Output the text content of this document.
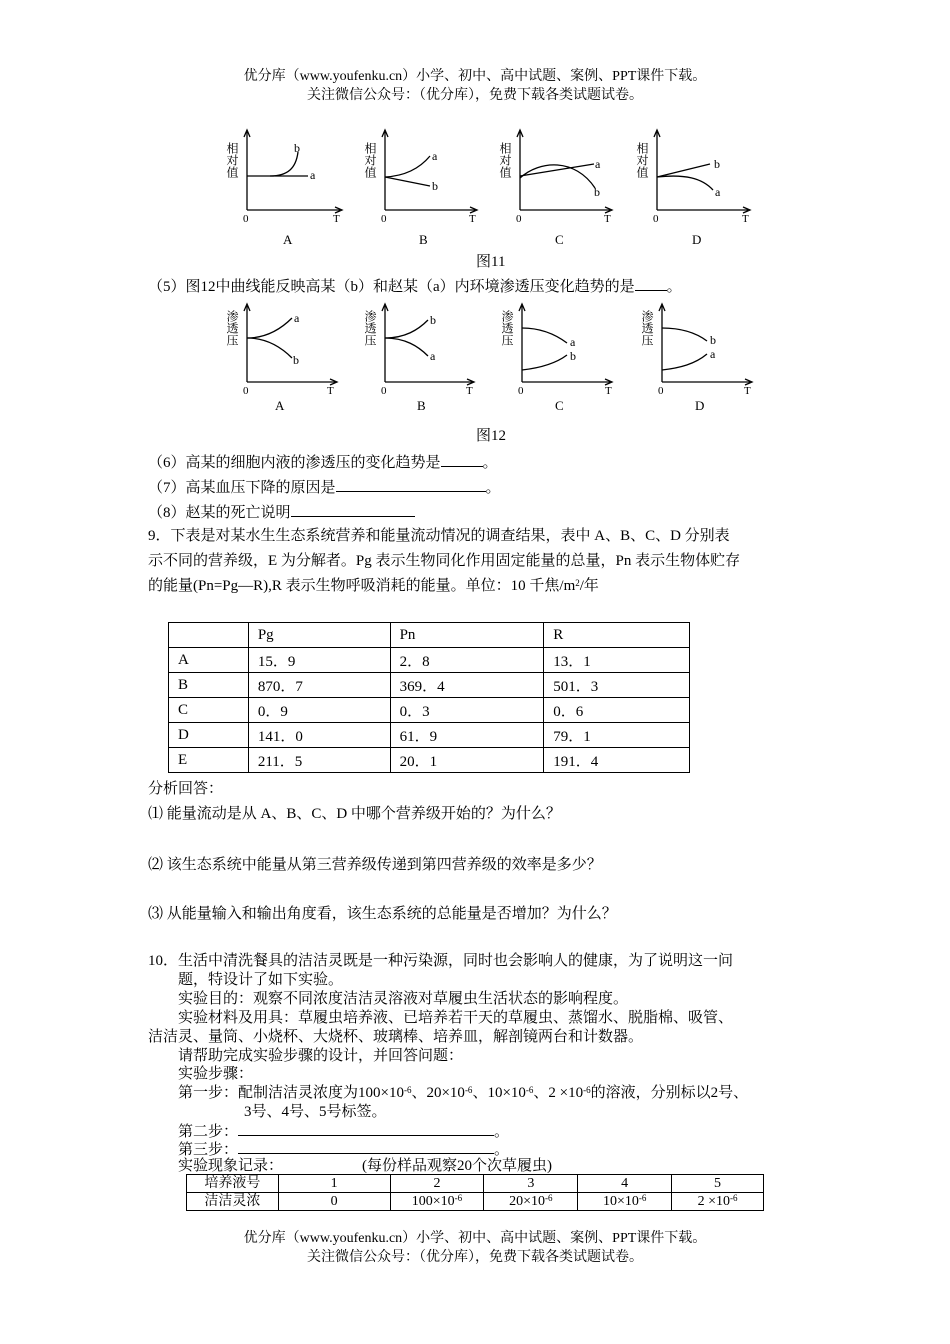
优分库（www.youfenku.cn）小学、初中、高中试题、案例、PPT课件下载。
关注微信公众号：（优分库），免费下载各类试题试卷。
相对值	相对值	相对值	相对值
0	0	0	0
T	T	T	T
b
a
a
b
a
b
b
a
A	B	C	D
图11
（5）图12中曲线能反映高某（b）和赵某（a）内环境渗透压变化趋势的是 。
渗透压	渗透压	渗透压	渗透压
0	0	0	0
T	T	T	T
a
b
b
a
a
b
b
a
A	B	C	D
图12
（6）高某的细胞内液的渗透压的变化趋势是	。
（7）高某血压下降的原因是	。
（8）赵某的死亡说明
9．下表是对某水生生态系统营养和能量流动情况的调查结果，表中 A、B、C、D 分别表
示不同的营养级，E 为分解者。Pg 表示生物同化作用固定能量的总量，Pn 表示生物体贮存
的能量(Pn=Pg—R),R 表示生物呼吸消耗的能量。单位：10 千焦$/m^2/$年
	Pg	Pn	R
A	15．9	2．8	13．1
B	870．7	369．4	501．3
C	0．9	0．3	0．6
D	141．0	61．9	79．1
E	211．5	20．1	191．4
分析回答：
⑴ 能量流动是从 A、B、C、D 中哪个营养级开始的？为什么？
⑵ 该生态系统中能量从第三营养级传递到第四营养级的效率是多少？
⑶ 从能量输入和输出角度看，该生态系统的总能量是否增加？为什么？
10．生活中清洗餐具的洁洁灵既是一种污染源，同时也会影响人的健康，为了说明这一问
题，特设计了如下实验。
实验目的：观察不同浓度洁洁灵溶液对草履虫生活状态的影响程度。
实验材料及用具：草履虫培养液、已培养若干天的草履虫、蒸馏水、脱脂棉、吸管、
洁洁灵、量筒、小烧杯、大烧杯、玻璃棒、培养皿，解剖镜两台和计数器。
请帮助完成实验步骤的设计，并回答问题：
实验步骤：
第一步：配制洁洁灵浓度为$100\times 10^{-6}$、$20\times 10^{-6}$、$10\times 10^{-6}$、$2 \times 10^{-6}$的溶液，分别标以2号、
3号、4号、5号标签。
第二步：	。
第三步：	。
实验现象记录：	(每份样品观察20个次草履虫)
培养液号	1	2	3	4	5
洁洁灵浓	0	$100\times 10^{-6}$	$20\times 10^{-6}$	$10\times 10^{-6}$	$2 \times 10^{-6}$
优分库（www.youfenku.cn）小学、初中、高中试题、案例、PPT课件下载。
关注微信公众号：（优分库），免费下载各类试题试卷。
